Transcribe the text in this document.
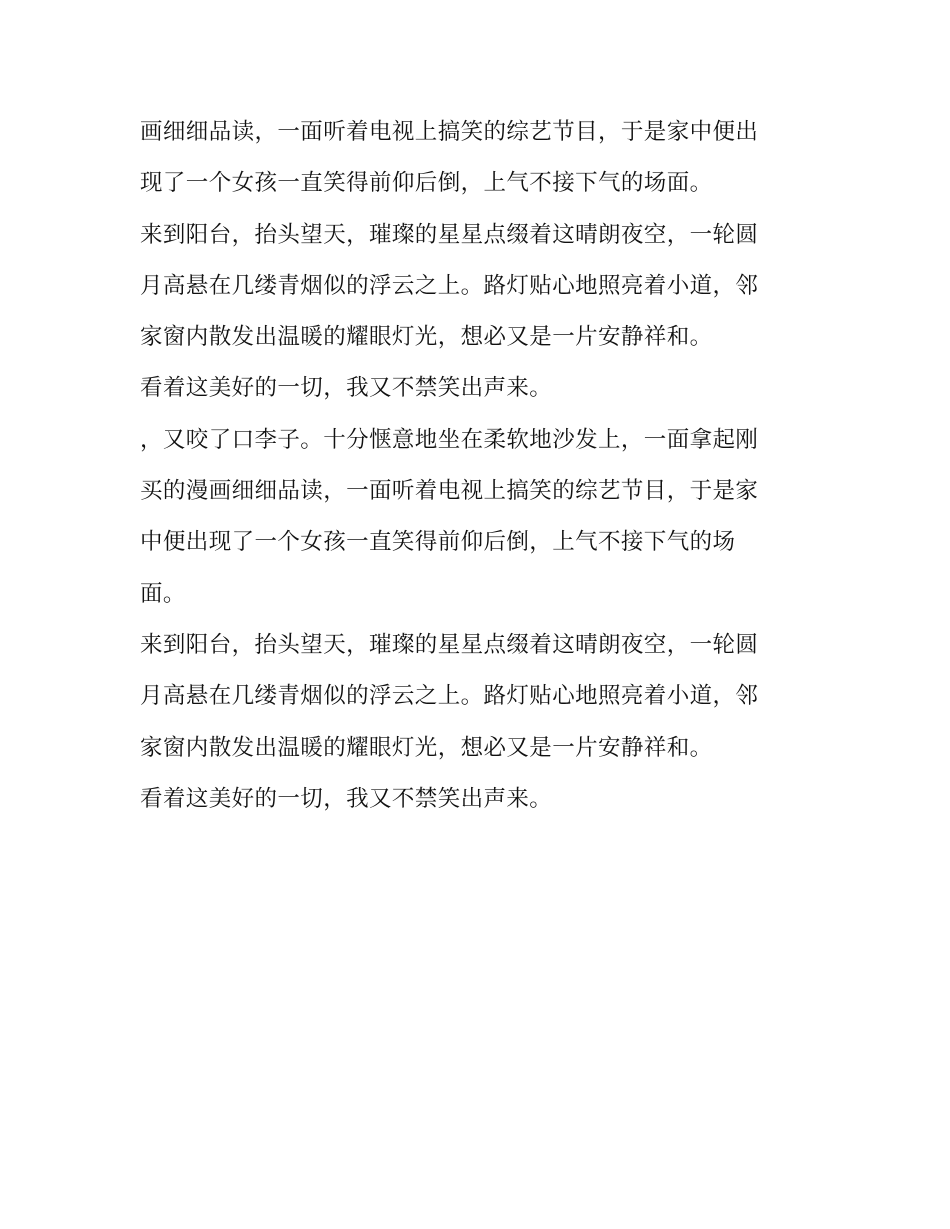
画细细品读，一面听着电视上搞笑的综艺节目，于是家中便出
现了一个女孩一直笑得前仰后倒，上气不接下气的场面。
来到阳台，抬头望天，璀璨的星星点缀着这晴朗夜空，一轮圆
月高悬在几缕青烟似的浮云之上。路灯贴心地照亮着小道，邻
家窗内散发出温暖的耀眼灯光，想必又是一片安静祥和。
看着这美好的一切，我又不禁笑出声来。
，又咬了口李子。十分惬意地坐在柔软地沙发上，一面拿起刚
买的漫画细细品读，一面听着电视上搞笑的综艺节目，于是家
中便出现了一个女孩一直笑得前仰后倒，上气不接下气的场
面。
来到阳台，抬头望天，璀璨的星星点缀着这晴朗夜空，一轮圆
月高悬在几缕青烟似的浮云之上。路灯贴心地照亮着小道，邻
家窗内散发出温暖的耀眼灯光，想必又是一片安静祥和。
看着这美好的一切，我又不禁笑出声来。
